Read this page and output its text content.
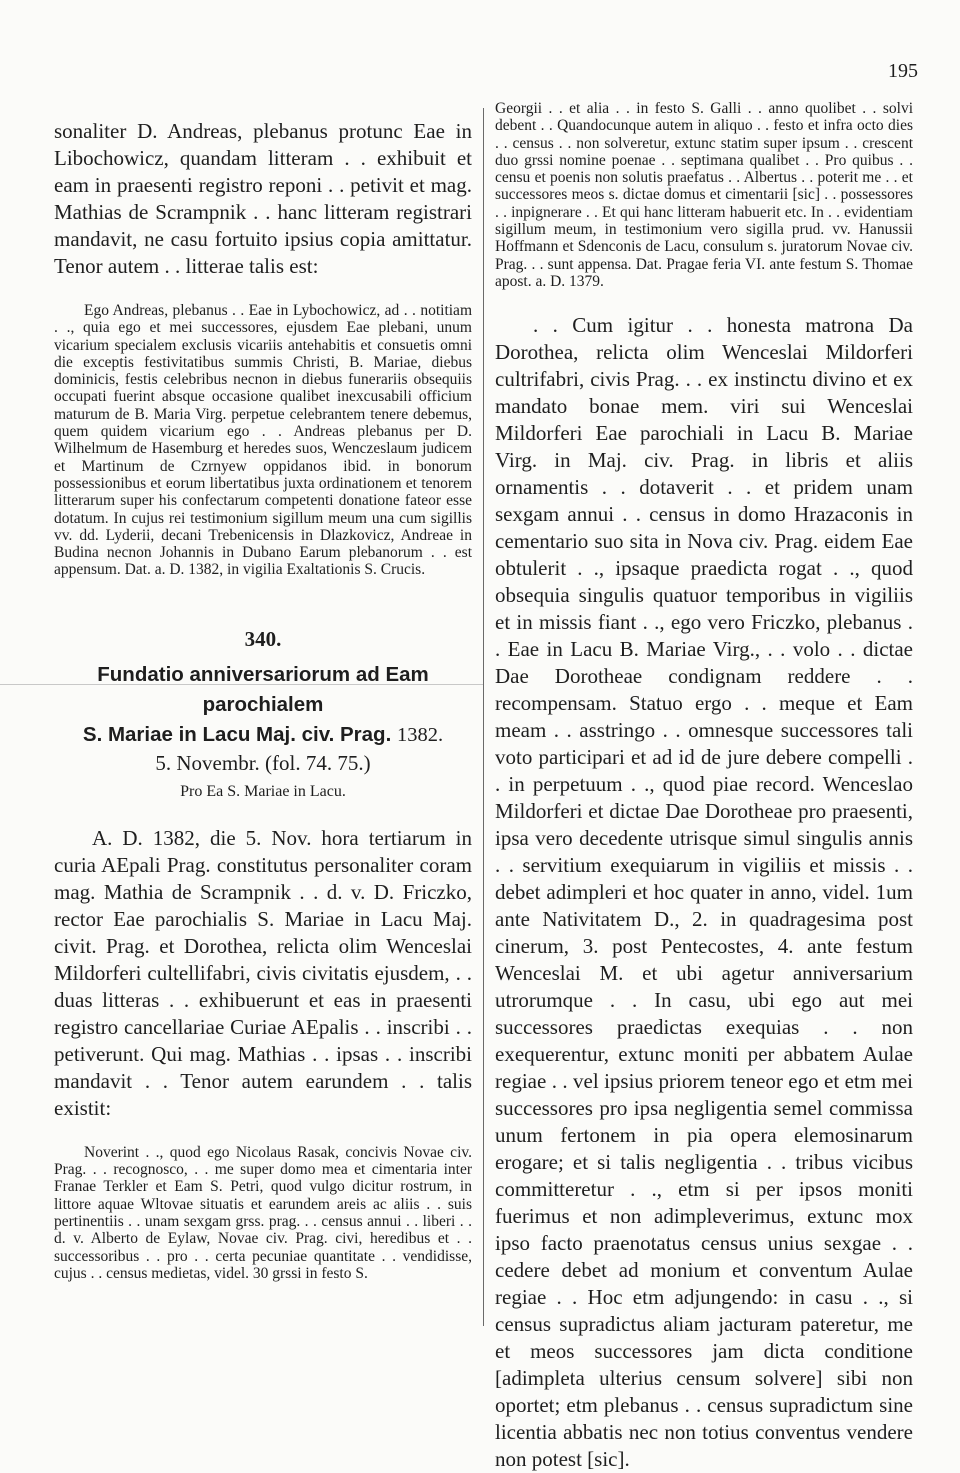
195

sonaliter D. Andreas, plebanus protunc Eae in Libochowicz, quandam litteram . . exhibuit et eam in praesenti registro reponi . . petivit et mag. Mathias de Scrampnik . . hanc litteram registrari mandavit, ne casu fortuito ipsius copia amittatur. Tenor autem . . litterae talis est:

Ego Andreas, plebanus . . Eae in Lybochowicz, ad . . notitiam . ., quia ego et mei successores, ejusdem Eae plebani, unum vicarium specialem exclusis vicariis antehabitis et consuetis omni die exceptis festivitatibus summis Christi, B. Mariae, diebus dominicis, festis celebribus necnon in diebus funerariis obsequiis occupati fuerint absque occasione qualibet inexcusabili officium maturum de B. Maria Virg. perpetue celebrantem tenere debemus, quem quidem vicarium ego . . Andreas plebanus per D. Wilhelmum de Hasemburg et heredes suos, Wenczeslaum judicem et Martinum de Czrnyew oppidanos ibid. in bonorum possessionibus et eorum libertatibus juxta ordinationem et tenorem litterarum super his confectarum competenti donatione fateor esse dotatum. In cujus rei testimonium sigillum meum una cum sigillis vv. dd. Lyderii, decani Trebenicensis in Dlazkovicz, Andreae in Budina necnon Johannis in Dubano Earum plebanorum . . est appensum. Dat. a. D. 1382, in vigilia Exaltationis S. Crucis.

340.
Fundatio anniversariorum ad Eam parochialem
S. Mariae in Lacu Maj. civ. Prag. 1382.
5. Novembr. (fol. 74. 75.)
Pro Ea S. Mariae in Lacu.

A. D. 1382, die 5. Nov. hora tertiarum in curia AEpali Prag. constitutus personaliter coram mag. Mathia de Scrampnik . . d. v. D. Friczko, rector Eae parochialis S. Mariae in Lacu Maj. civit. Prag. et Dorothea, relicta olim Wenceslai Mildorferi cultellifabri, civis civitatis ejusdem, . . duas litteras . . exhibuerunt et eas in praesenti registro cancellariae Curiae AEpalis . . inscribi . . petiverunt. Qui mag. Mathias . . ipsas . . inscribi mandavit . . Tenor autem earundem . . talis existit:

Noverint . ., quod ego Nicolaus Rasak, concivis Novae civ. Prag. . . recognosco, . . me super domo mea et cimentaria inter Franae Terkler et Eam S. Petri, quod vulgo dicitur rostrum, in littore aquae Wltovae situatis et earundem areis ac aliis . . suis pertinentiis . . unam sexgam grss. prag. . . census annui . . liberi . . d. v. Alberto de Eylaw, Novae civ. Prag. civi, heredibus et . . successoribus . . pro . . certa pecuniae quantitate . . vendidisse, cujus . . census medietas, videl. 30 grssi in festo S.

Georgii . . et alia . . in festo S. Galli . . anno quolibet . . solvi debent . . Quandocunque autem in aliquo . . festo et infra octo dies . . census . . non solveretur, extunc statim super ipsum . . crescent duo grssi nomine poenae . . septimana qualibet . . Pro quibus . . censu et poenis non solutis praefatus . . Albertus . . poterit me . . et successores meos s. dictae domus et cimentarii [sic] . . possessores . . inpignerare . . Et qui hanc litteram habuerit etc. In . . evidentiam sigillum meum, in testimonium vero sigilla prud. vv. Hanussii Hoffmann et Sdenconis de Lacu, consulum s. juratorum Novae civ. Prag. . . sunt appensa. Dat. Pragae feria VI. ante festum S. Thomae apost. a. D. 1379.

. . Cum igitur . . honesta matrona Da Dorothea, relicta olim Wenceslai Mildorferi cultrifabri, civis Prag. . . ex instinctu divino et ex mandato bonae mem. viri sui Wenceslai Mildorferi Eae parochiali in Lacu B. Mariae Virg. in Maj. civ. Prag. in libris et aliis ornamentis . . dotaverit . . et pridem unam sexgam annui . . census in domo Hrazaconis in cementario suo sita in Nova civ. Prag. eidem Eae obtulerit . ., ipsaque praedicta rogat . ., quod obsequia singulis quatuor temporibus in vigiliis et in missis fiant . ., ego vero Friczko, plebanus . . Eae in Lacu B. Mariae Virg., . . volo . . dictae Dae Dorotheae condignam reddere . . recompensam. Statuo ergo . . meque et Eam meam . . asstringo . . omnesque successores tali voto participari et ad id de jure debere compelli . . in perpetuum . ., quod piae record. Wenceslao Mildorferi et dictae Dae Dorotheae pro praesenti, ipsa vero decedente utrisque simul singulis annis . . servitium exequiarum in vigiliis et missis . . debet adimpleri et hoc quater in anno, videl. 1um ante Nativitatem D., 2. in quadragesima post cinerum, 3. post Pentecostes, 4. ante festum Wenceslai M. et ubi agetur anniversarium utrorumque . . In casu, ubi ego aut mei successores praedictas exequias . . non exequerentur, extunc moniti per abbatem Aulae regiae . . vel ipsius priorem teneor ego et etm mei successores pro ipsa negligentia semel commissa unum fertonem in pia opera elemosinarum erogare; et si talis negligentia . . tribus vicibus committeretur . ., etm si per ipsos moniti fuerimus et non adimpleverimus, extunc mox ipso facto praenotatus census unius sexgae . . cedere debet ad monium et conventum Aulae regiae . . Hoc etm adjungendo: in casu . ., si census supradictus aliam jacturam pateretur, me et meos successores jam dicta conditione [adimpleta ulterius censum solvere] sibi non oportet; etm plebanus . . census supradictum sine licentia abbatis nec non totius conventus vendere non potest [sic].
